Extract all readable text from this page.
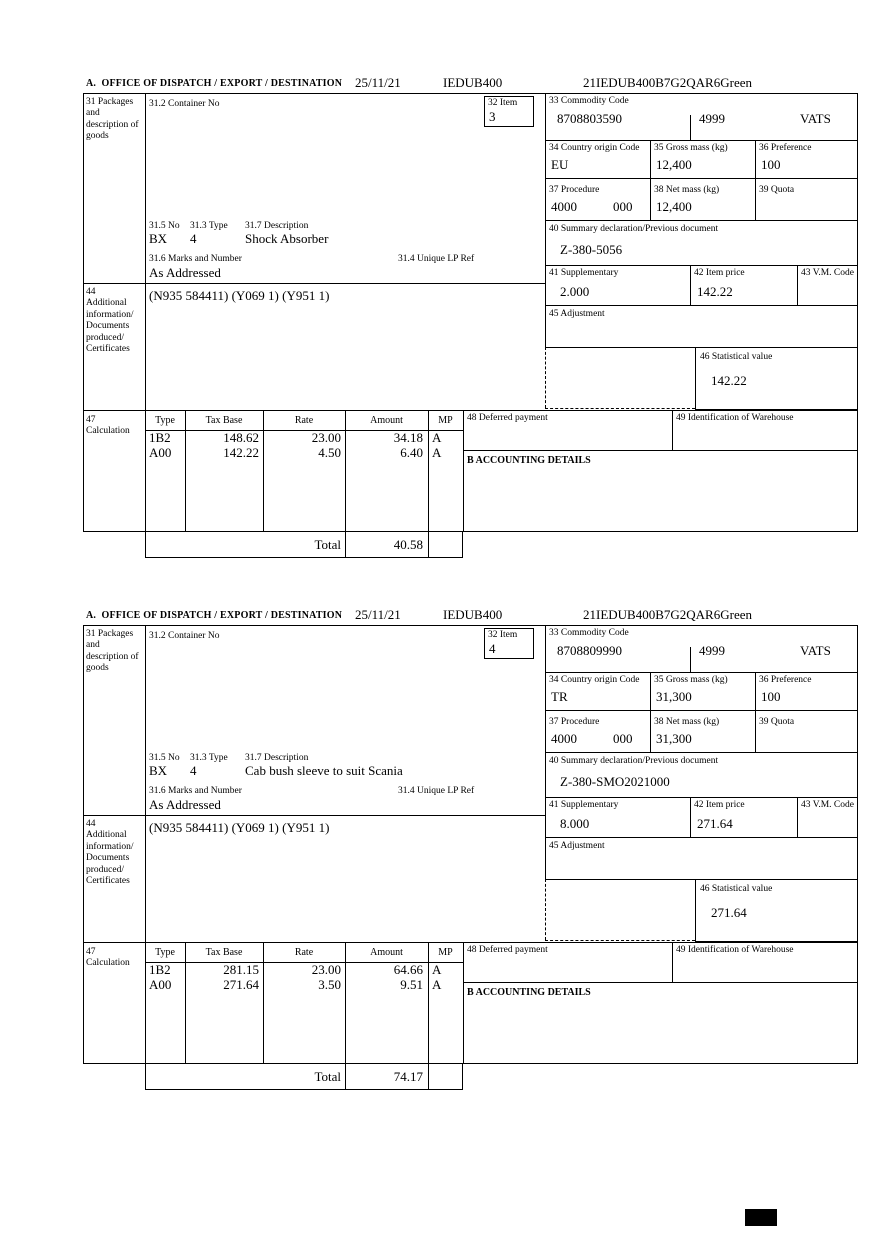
A.  OFFICE OF DISPATCH / EXPORT / DESTINATION 25/11/21	IEDUB400	21IEDUB400B7G2QAR6Green
31 Packages and description of goods
31.2 Container No	32 Item
3
33 Commodity Code
8708803590	4999	VATS
34 Country origin Code
EU
35 Gross mass (kg)
12,400
36 Preference
100
37 Procedure
4000	000
38 Net mass (kg)
12,400
39 Quota
31.5 No 31.3 Type 31.7 Description
BX 4	Shock Absorber
40 Summary declaration/Previous document
Z-380-5056
31.6 Marks and Number	31.4 Unique LP Ref
As Addressed	41 Supplementary
2.000
42 Item price
142.22
43 V.M. Code
44
Additional information/ Documents produced/ Certificates
(N935 584411) (Y069 1) (Y951 1)
45 Adjustment
46 Statistical value
142.22
47
Calculation
Type	Tax Base	Rate	Amount	MP	48 Deferred payment	49 Identification of Warehouse
B ACCOUNTING DETAILS
1B2	148.62	23.00	34.18 A
A00	142.22	4.50	6.40 A
Total	40.58
A.  OFFICE OF DISPATCH / EXPORT / DESTINATION 25/11/21	IEDUB400	21IEDUB400B7G2QAR6Green
31 Packages and description of goods
31.2 Container No	32 Item
4
33 Commodity Code
8708809990	4999	VATS
34 Country origin Code
TR
35 Gross mass (kg)
31,300
36 Preference
100
37 Procedure
4000	000
38 Net mass (kg)
31,300
39 Quota
31.5 No 31.3 Type 31.7 Description
BX 4	Cab bush sleeve to suit Scania
40 Summary declaration/Previous document
Z-380-SMO2021000
31.6 Marks and Number	31.4 Unique LP Ref
As Addressed	41 Supplementary
8.000
42 Item price
271.64
43 V.M. Code
44
Additional information/ Documents produced/ Certificates
(N935 584411) (Y069 1) (Y951 1)
45 Adjustment
46 Statistical value
271.64
47
Calculation
Type	Tax Base	Rate	Amount	MP	48 Deferred payment	49 Identification of Warehouse
B ACCOUNTING DETAILS
1B2	281.15	23.00	64.66 A
A00	271.64	3.50	9.51 A
Total	74.17
